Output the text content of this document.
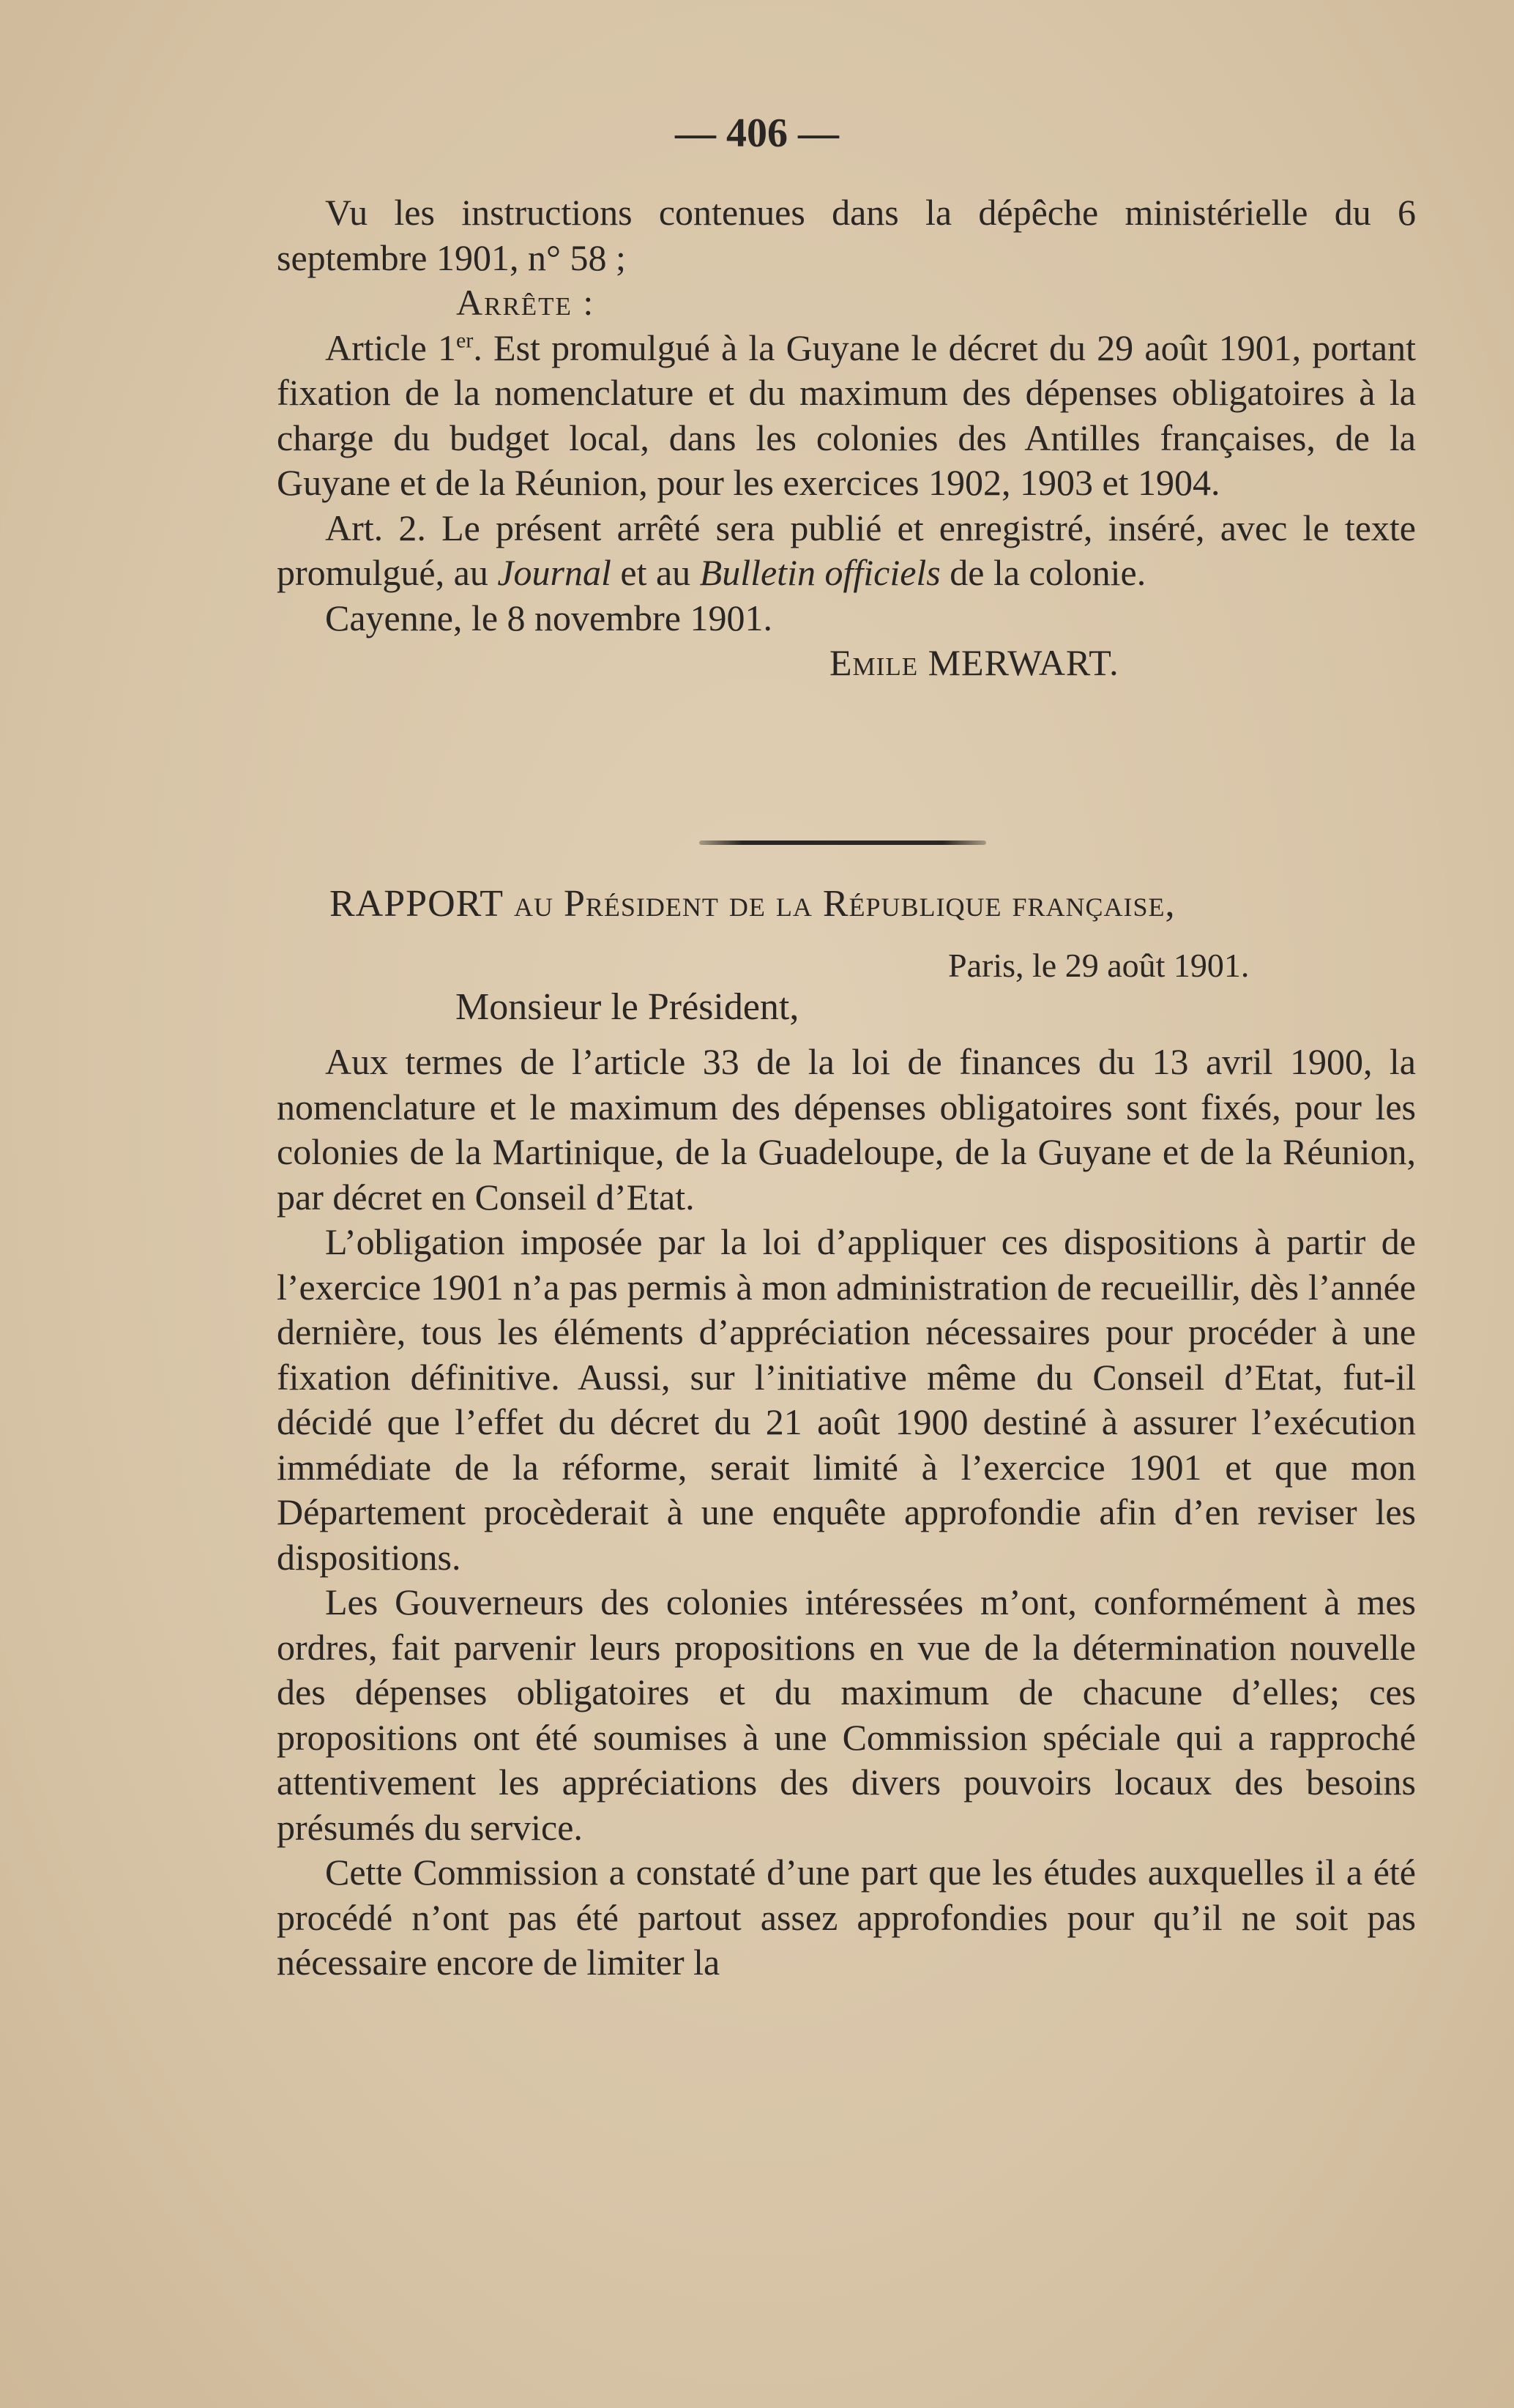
— 406 —

Vu les instructions contenues dans la dépêche ministérielle du 6 septembre 1901, n° 58 ;

Arrête :

Article 1er. Est promulgué à la Guyane le décret du 29 août 1901, portant fixation de la nomenclature et du maximum des dépenses obligatoires à la charge du budget local, dans les colonies des Antilles françaises, de la Guyane et de la Réunion, pour les exercices 1902, 1903 et 1904.

Art. 2. Le présent arrêté sera publié et enregistré, inséré, avec le texte promulgué, au Journal et au Bulletin officiels de la colonie.

Cayenne, le 8 novembre 1901.

Emile MERWART.

RAPPORT au Président de la République française,
Paris, le 29 août 1901.
Monsieur le Président,

Aux termes de l’article 33 de la loi de finances du 13 avril 1900, la nomenclature et le maximum des dépenses obligatoires sont fixés, pour les colonies de la Martinique, de la Guadeloupe, de la Guyane et de la Réunion, par décret en Conseil d’Etat.

L’obligation imposée par la loi d’appliquer ces dispositions à partir de l’exercice 1901 n’a pas permis à mon administration de recueillir, dès l’année dernière, tous les éléments d’appréciation nécessaires pour procéder à une fixation définitive. Aussi, sur l’initiative même du Conseil d’Etat, fut-il décidé que l’effet du décret du 21 août 1900 destiné à assurer l’exécution immédiate de la réforme, serait limité à l’exercice 1901 et que mon Département procèderait à une enquête approfondie afin d’en reviser les dispositions.

Les Gouverneurs des colonies intéressées m’ont, conformément à mes ordres, fait parvenir leurs propositions en vue de la détermination nouvelle des dépenses obligatoires et du maximum de chacune d’elles; ces propositions ont été soumises à une Commission spéciale qui a rapproché attentivement les appréciations des divers pouvoirs locaux des besoins présumés du service.

Cette Commission a constaté d’une part que les études auxquelles il a été procédé n’ont pas été partout assez approfondies pour qu’il ne soit pas nécessaire encore de limiter la
